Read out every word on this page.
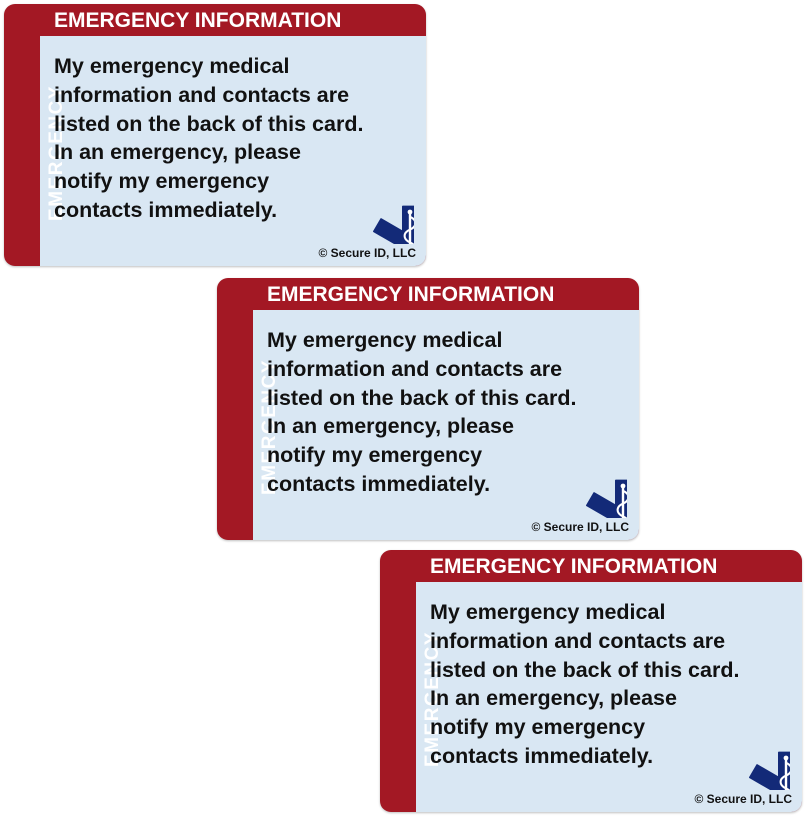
EMERGENCY INFORMATION
EMERGENCY

My emergency medical
information and contacts are
listed on the back of this card.
In an emergency, please
notify my emergency
contacts immediately.

© Secure ID, LLC
EMERGENCY INFORMATION
EMERGENCY

My emergency medical
information and contacts are
listed on the back of this card.
In an emergency, please
notify my emergency
contacts immediately.

© Secure ID, LLC
EMERGENCY INFORMATION
EMERGENCY

My emergency medical
information and contacts are
listed on the back of this card.
In an emergency, please
notify my emergency
contacts immediately.

© Secure ID, LLC
